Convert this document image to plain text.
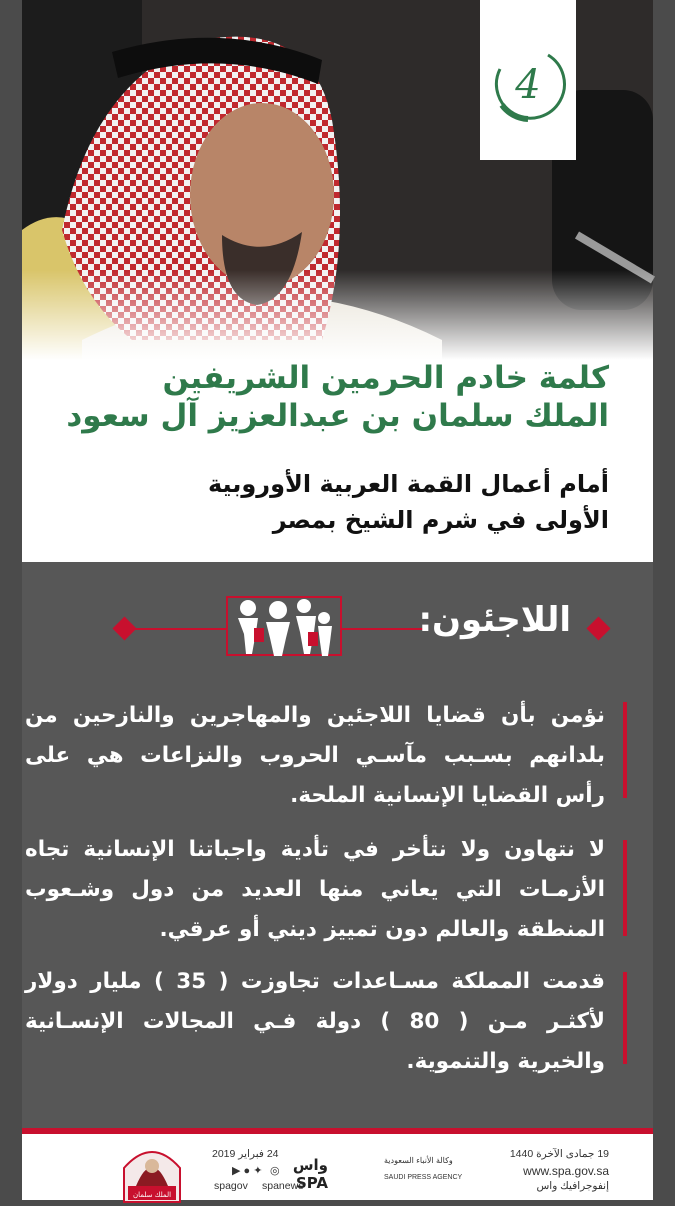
4
كلمة خادم الحرمين الشريفين
الملك سلمان بن عبدالعزيز آل سعود
أمام أعمال القمة العربية الأوروبية
الأولى في شرم الشيخ بمصر
اللاجئون:
نؤمن بأن قضايا اللاجئين والمهاجرين والنازحين من بلدانهم بسـبب مآسـي الحروب والنزاعات هي على رأس القضايا الإنسانية الملحة.
لا نتهاون ولا نتأخر في تأدية واجباتنا الإنسانية تجاه الأزمـات التي يعاني منها العديد من دول وشـعوب المنطقة والعالم دون تمييز ديني أو عرقي.
قدمت المملكة مسـاعدات تجاوزت ( 35 ) مليار دولار لأكثـر مـن ( 80 ) دولة فـي المجالات الإنسـانية والخيرية والتنموية.
19 جمادى الآخرة 1440
www.spa.gov.sa
إنفوجرافيك واس
واس
SPA
وكالة الأنباء السعودية
SAUDI PRESS AGENCY
24 فبراير 2019
◎
✦ ● ▶
spanews
spagov
الملك سلمان
